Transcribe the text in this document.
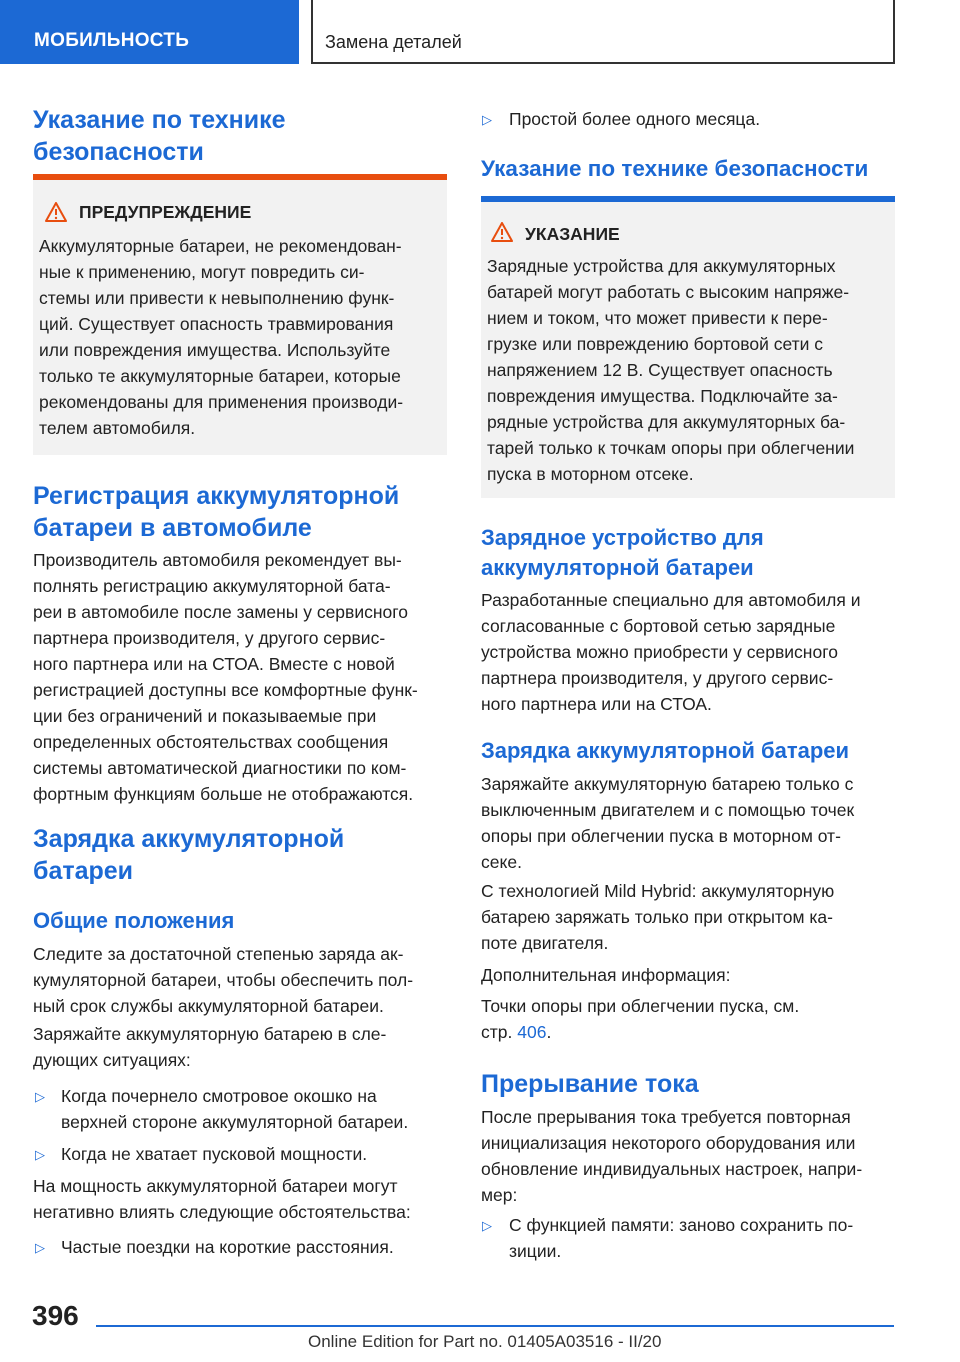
МОБИЛЬНОСТЬ	Замена деталей
Указание по технике
безопасности
ПРЕДУПРЕЖДЕНИЕ
Аккумуляторные батареи, не рекомендован-
ные к применению, могут повредить си-
стемы или привести к невыполнению функ-
ций. Существует опасность травмирования
или повреждения имущества. Используйте
только те аккумуляторные батареи, которые
рекомендованы для применения производи-
телем автомобиля.
Регистрация аккумуляторной
батареи в автомобиле
Производитель автомобиля рекомендует вы-
полнять регистрацию аккумуляторной бата-
реи в автомобиле после замены у сервисного
партнера производителя, у другого сервис-
ного партнера или на СТОА. Вместе с новой
регистрацией доступны все комфортные функ-
ции без ограничений и показываемые при
определенных обстоятельствах сообщения
системы автоматической диагностики по ком-
фортным функциям больше не отображаются.
Зарядка аккумуляторной
батареи
Общие положения
Следите за достаточной степенью заряда ак-
кумуляторной батареи, чтобы обеспечить пол-
ный срок службы аккумуляторной батареи.
Заряжайте аккумуляторную батарею в сле-
дующих ситуациях:
▷ Когда почернело смотровое окошко на
верхней стороне аккумуляторной батареи.
▷ Когда не хватает пусковой мощности.
На мощность аккумуляторной батареи могут
негативно влиять следующие обстоятельства:
▷ Частые поездки на короткие расстояния.
▷ Простой более одного месяца.
Указание по технике безопасности
УКАЗАНИЕ
Зарядные устройства для аккумуляторных
батарей могут работать с высоким напряже-
нием и током, что может привести к пере-
грузке или повреждению бортовой сети с
напряжением 12 В. Существует опасность
повреждения имущества. Подключайте за-
рядные устройства для аккумуляторных ба-
тарей только к точкам опоры при облегчении
пуска в моторном отсеке.
Зарядное устройство для
аккумуляторной батареи
Разработанные специально для автомобиля и
согласованные с бортовой сетью зарядные
устройства можно приобрести у сервисного
партнера производителя, у другого сервис-
ного партнера или на СТОА.
Зарядка аккумуляторной батареи
Заряжайте аккумуляторную батарею только с
выключенным двигателем и с помощью точек
опоры при облегчении пуска в моторном от-
секе.
С технологией Mild Hybrid: аккумуляторную
батарею заряжать только при открытом ка-
поте двигателя.
Дополнительная информация:
Точки опоры при облегчении пуска, см.
стр. 406.
Прерывание тока
После прерывания тока требуется повторная
инициализация некоторого оборудования или
обновление индивидуальных настроек, напри-
мер:
▷ С функцией памяти: заново сохранить по-
зиции.
396
Online Edition for Part no. 01405A03516 - II/20
